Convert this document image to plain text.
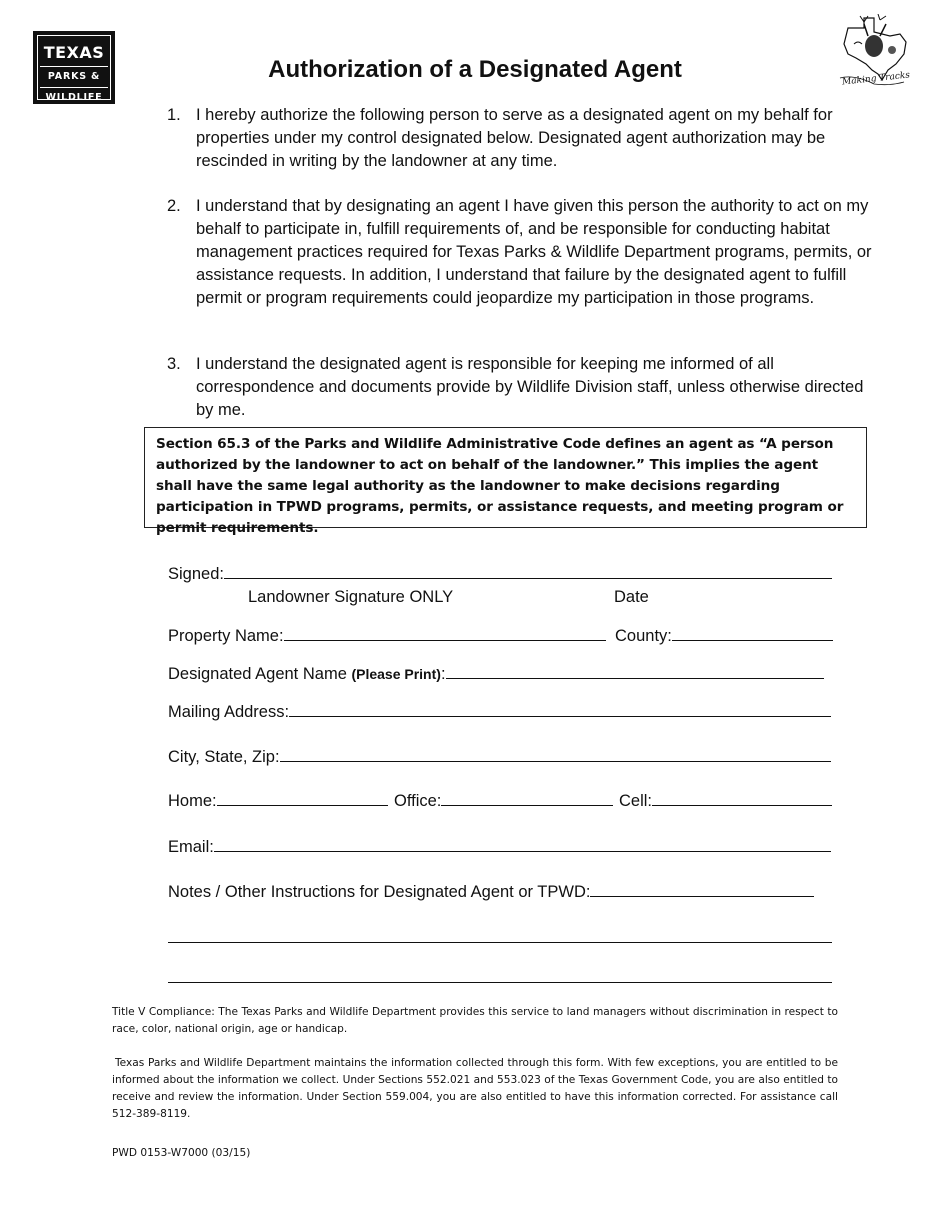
TEXAS
PARKS &
WILDLIFE
Making Tracks
Authorization of a Designated Agent
1. I hereby authorize the following person to serve as a designated agent on my behalf for properties under my control designated below. Designated agent authorization may be rescinded in writing by the landowner at any time.
2. I understand that by designating an agent I have given this person the authority to act on my behalf to participate in, fulfill requirements of, and be responsible for conducting habitat management practices required for Texas Parks & Wildlife Department programs, permits, or assistance requests. In addition, I understand that failure by the designated agent to fulfill permit or program requirements could jeopardize my participation in those programs.
3. I understand the designated agent is responsible for keeping me informed of all correspondence and documents provide by Wildlife Division staff, unless otherwise directed by me.
Section 65.3 of the Parks and Wildlife Administrative Code defines an agent as “A person authorized by the landowner to act on behalf of the landowner.” This implies the agent shall have the same legal authority as the landowner to make decisions regarding participation in TPWD programs, permits, or assistance requests, and meeting program or permit requirements.
Signed:
Landowner Signature ONLY	Date
Property Name:	County:
Designated Agent Name (Please Print):
Mailing Address:
City, State, Zip:
Home:	Office:	Cell:
Email:
Notes / Other Instructions for Designated Agent or TPWD:
Title V Compliance: The Texas Parks and Wildlife Department provides this service to land managers without discrimination in respect to race, color, national origin, age or handicap.
Texas Parks and Wildlife Department maintains the information collected through this form. With few exceptions, you are entitled to be informed about the information we collect. Under Sections 552.021 and 553.023 of the Texas Government Code, you are also entitled to receive and review the information. Under Section 559.004, you are also entitled to have this information corrected. For assistance call 512-389-8119.
PWD 0153-W7000 (03/15)
